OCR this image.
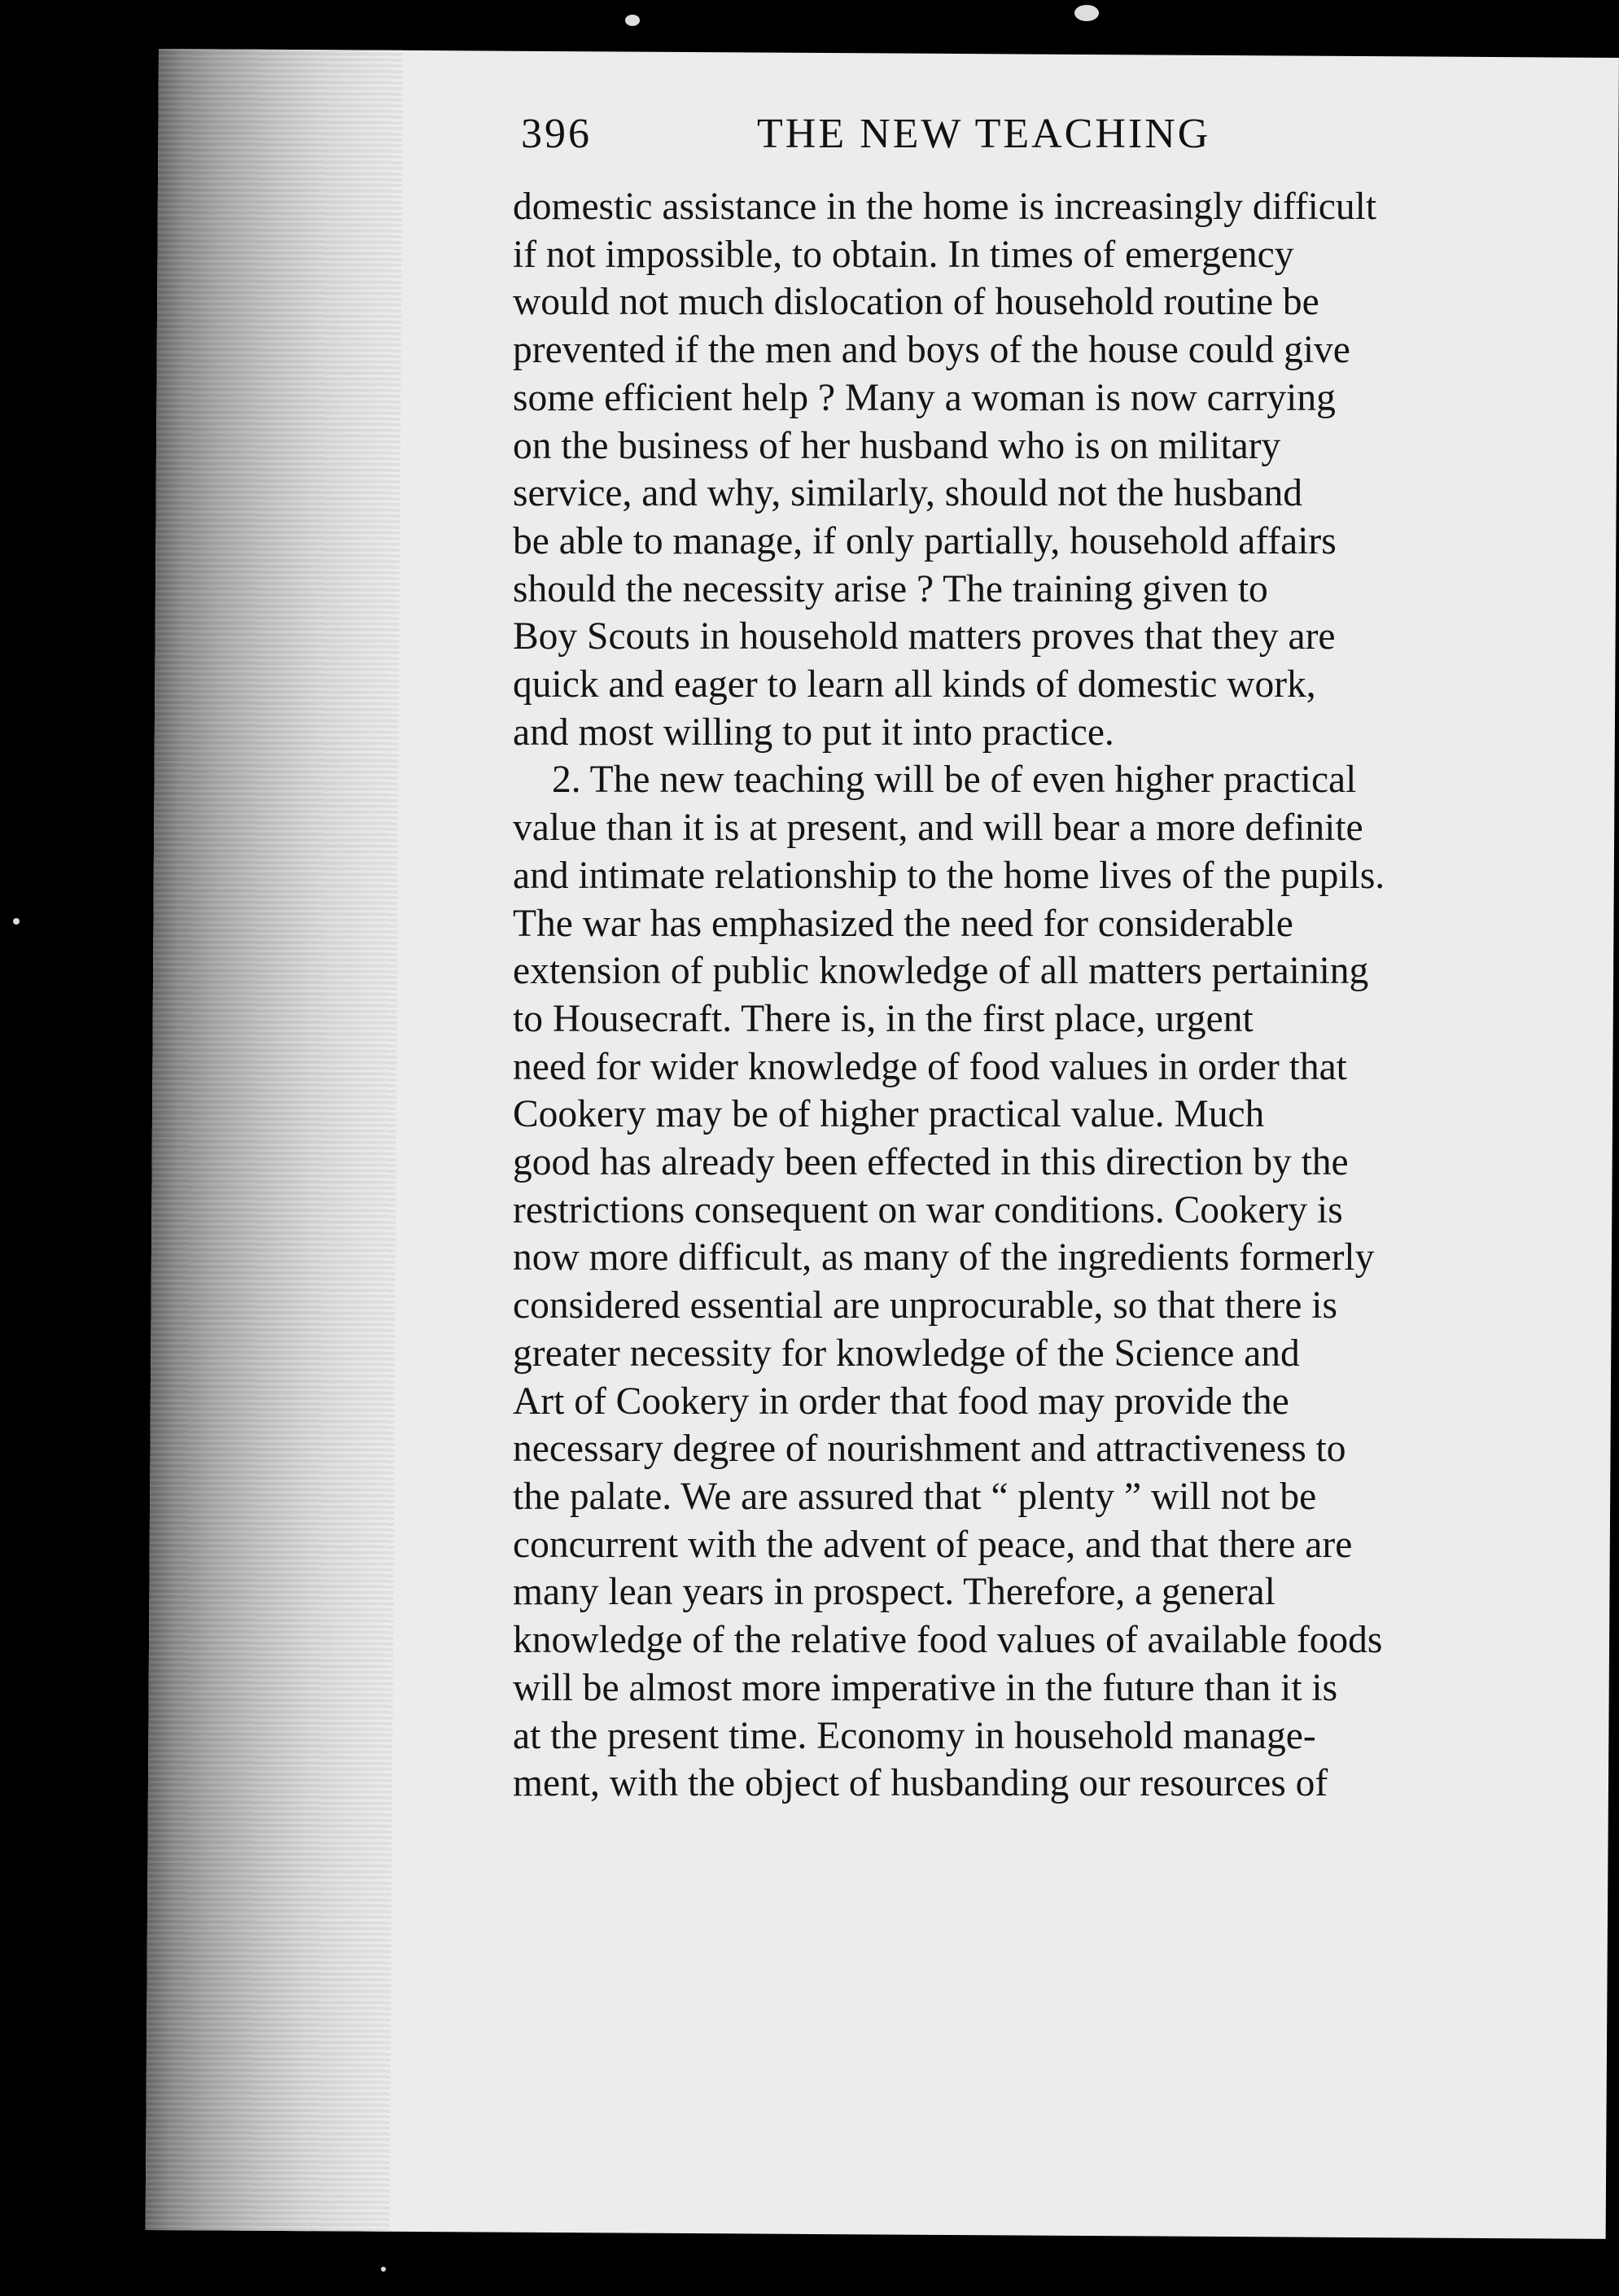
396	THE NEW TEACHING
domestic assistance in the home is increasingly difficult
if not impossible, to obtain. In times of emergency
would not much dislocation of household routine be
prevented if the men and boys of the house could give
some efficient help ? Many a woman is now carrying
on the business of her husband who is on military
service, and why, similarly, should not the husband
be able to manage, if only partially, household affairs
should the necessity arise ? The training given to
Boy Scouts in household matters proves that they are
quick and eager to learn all kinds of domestic work,
and most willing to put it into practice.
2. The new teaching will be of even higher practical
value than it is at present, and will bear a more definite
and intimate relationship to the home lives of the pupils.
The war has emphasized the need for considerable
extension of public knowledge of all matters pertaining
to Housecraft. There is, in the first place, urgent
need for wider knowledge of food values in order that
Cookery may be of higher practical value. Much
good has already been effected in this direction by the
restrictions consequent on war conditions. Cookery is
now more difficult, as many of the ingredients formerly
considered essential are unprocurable, so that there is
greater necessity for knowledge of the Science and
Art of Cookery in order that food may provide the
necessary degree of nourishment and attractiveness to
the palate. We are assured that “ plenty ” will not be
concurrent with the advent of peace, and that there are
many lean years in prospect. Therefore, a general
knowledge of the relative food values of available foods
will be almost more imperative in the future than it is
at the present time. Economy in household manage-
ment, with the object of husbanding our resources of
